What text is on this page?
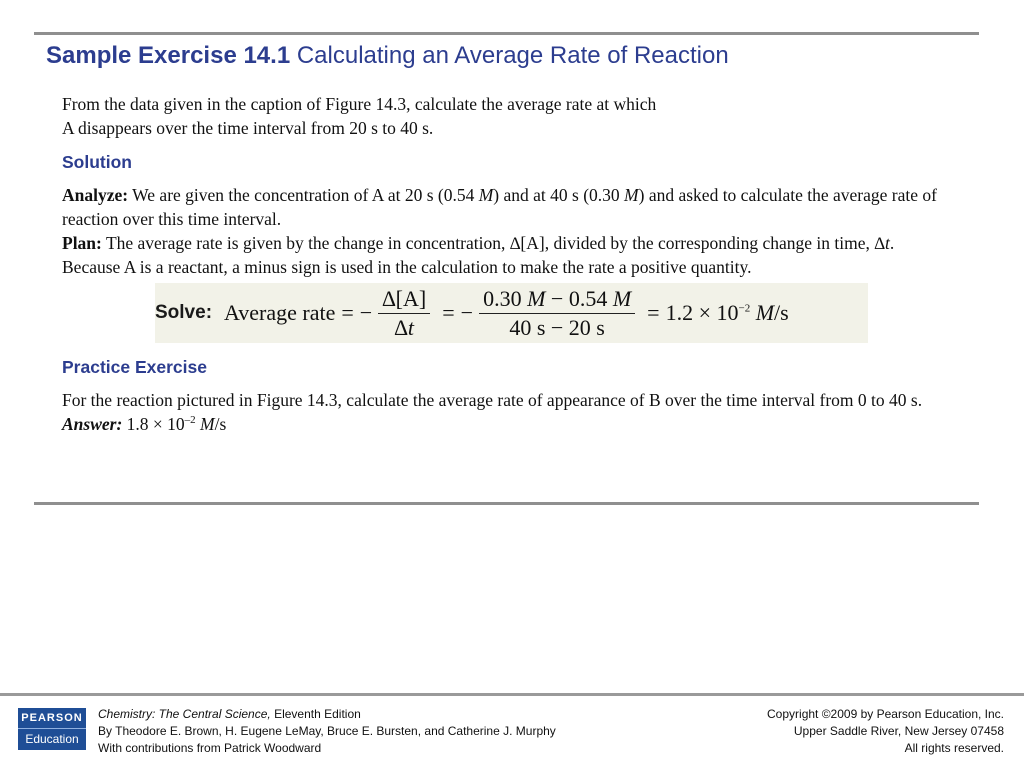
Sample Exercise 14.1 Calculating an Average Rate of Reaction

From the data given in the caption of Figure 14.3, calculate the average rate at which
A disappears over the time interval from 20 s to 40 s.

Solution

Analyze: We are given the concentration of A at 20 s (0.54 M) and at 40 s (0.30 M) and asked to calculate the average rate of reaction over this time interval.

Plan: The average rate is given by the change in concentration, ∆[A], divided by the corresponding change in time, ∆t. Because A is a reactant, a minus sign is used in the calculation to make the rate a positive quantity.

Solve: Average rate = − $\frac{\Delta[A]}{\Delta t}$ = − $\frac{0.30 M - 0.54 M}{40 s - 20 s} = 1.2 \times 10^{-2}$ M/s

Practice Exercise

For the reaction pictured in Figure 14.3, calculate the average rate of appearance of B over the time interval from 0 to 40 s.

Answer: $1.8 \times 10^{-2}$ M/s

PEARSON
Education
Chemistry: The Central Science, Eleventh Edition
By Theodore E. Brown, H. Eugene LeMay, Bruce E. Bursten, and Catherine J. Murphy
With contributions from Patrick Woodward
Copyright ©2009 by Pearson Education, Inc.
Upper Saddle River, New Jersey 07458
All rights reserved.
